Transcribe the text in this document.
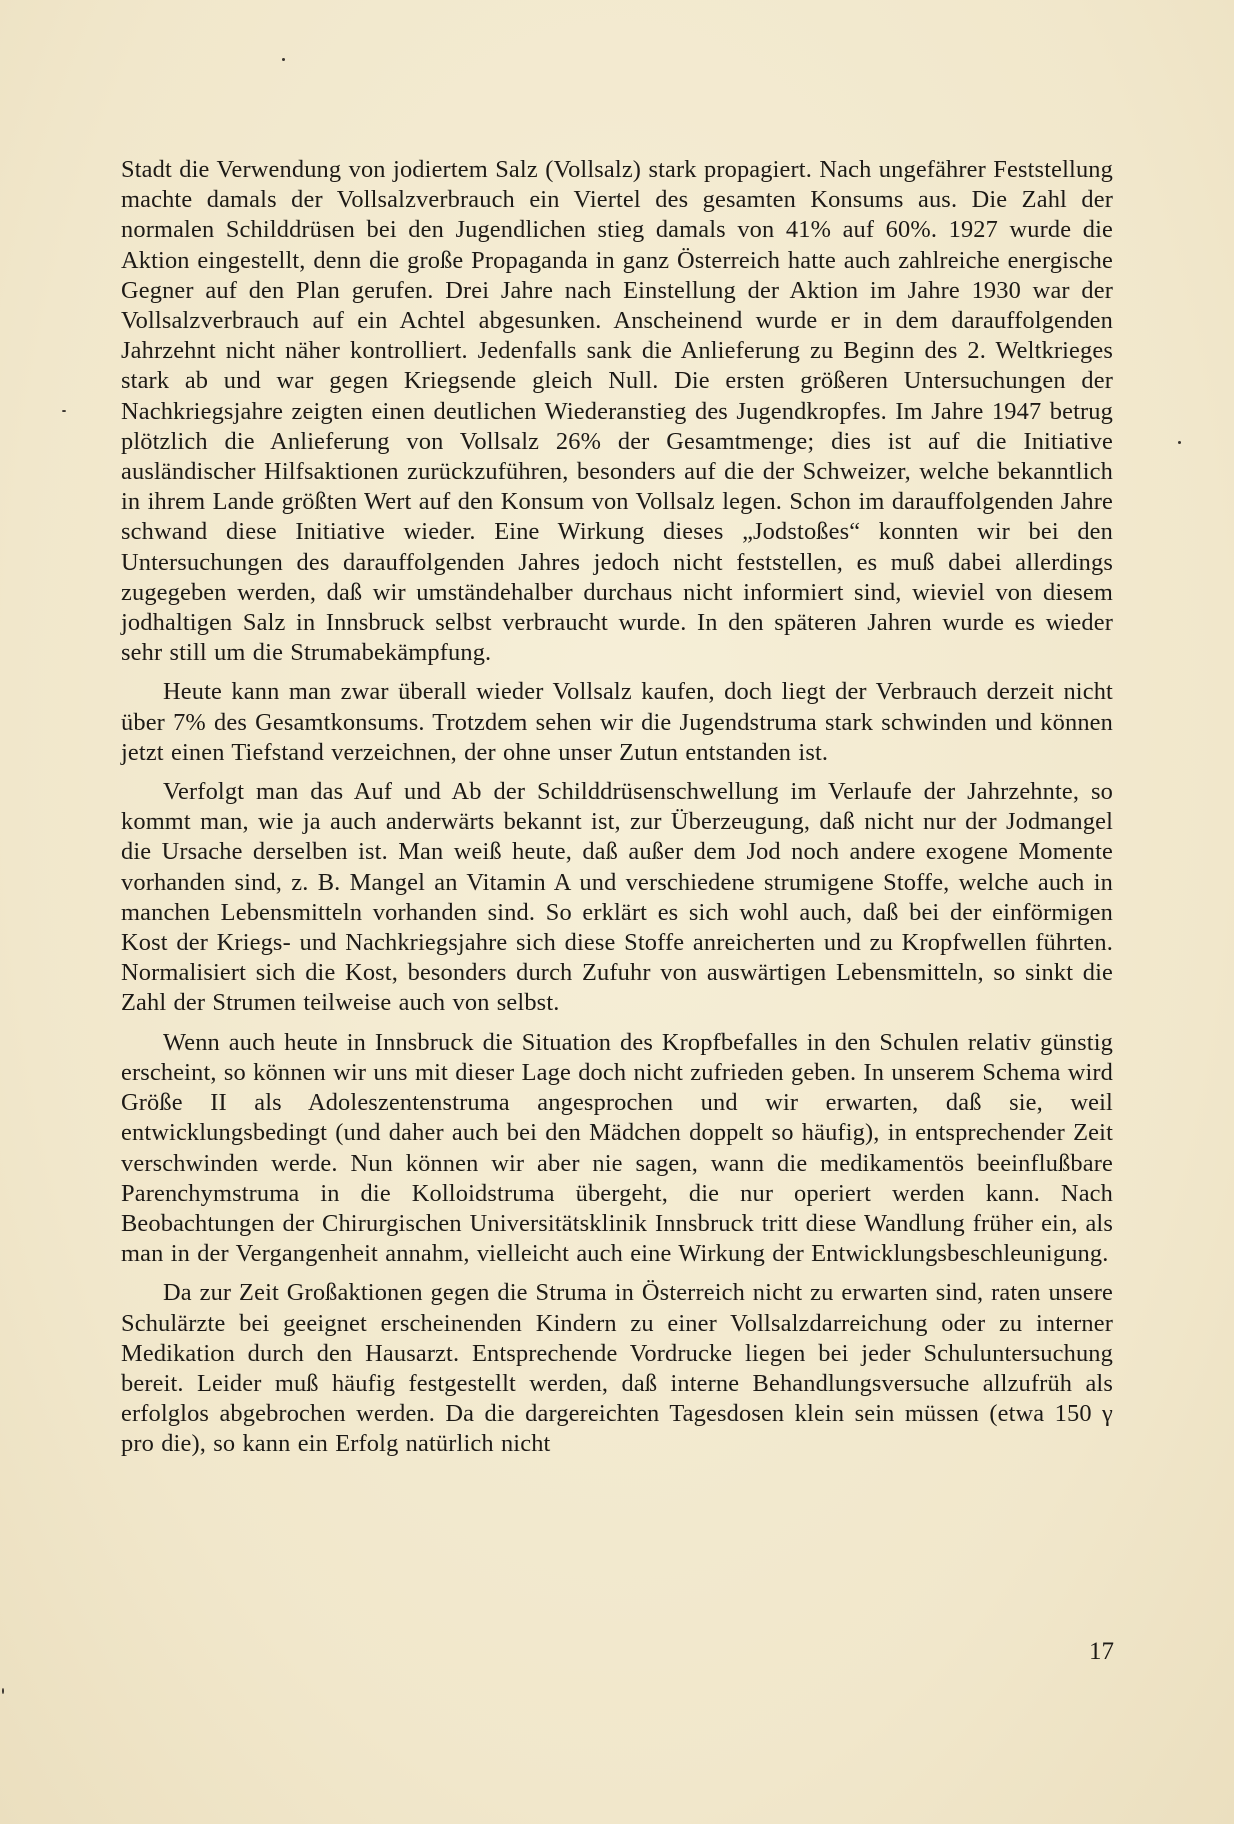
Stadt die Verwendung von jodiertem Salz (Vollsalz) stark propagiert. Nach ungefährer Feststellung machte damals der Vollsalzverbrauch ein Viertel des gesamten Konsums aus. Die Zahl der normalen Schilddrüsen bei den Jugendlichen stieg damals von 41% auf 60%. 1927 wurde die Aktion eingestellt, denn die große Propaganda in ganz Österreich hatte auch zahlreiche energische Gegner auf den Plan gerufen. Drei Jahre nach Einstellung der Aktion im Jahre 1930 war der Vollsalzverbrauch auf ein Achtel abgesunken. Anscheinend wurde er in dem darauffolgenden Jahrzehnt nicht näher kontrolliert. Jedenfalls sank die Anlieferung zu Beginn des 2. Weltkrieges stark ab und war gegen Kriegsende gleich Null. Die ersten größeren Untersuchungen der Nachkriegsjahre zeigten einen deutlichen Wiederanstieg des Jugendkropfes. Im Jahre 1947 betrug plötzlich die Anlieferung von Vollsalz 26% der Gesamtmenge; dies ist auf die Initiative ausländischer Hilfsaktionen zurückzuführen, besonders auf die der Schweizer, welche bekanntlich in ihrem Lande größten Wert auf den Konsum von Vollsalz legen. Schon im darauffolgenden Jahre schwand diese Initiative wieder. Eine Wirkung dieses „Jodstoßes“ konnten wir bei den Untersuchungen des darauffolgenden Jahres jedoch nicht feststellen, es muß dabei allerdings zugegeben werden, daß wir umständehalber durchaus nicht informiert sind, wieviel von diesem jodhaltigen Salz in Innsbruck selbst verbraucht wurde. In den späteren Jahren wurde es wieder sehr still um die Strumabekämpfung.

Heute kann man zwar überall wieder Vollsalz kaufen, doch liegt der Verbrauch derzeit nicht über 7% des Gesamtkonsums. Trotzdem sehen wir die Jugendstruma stark schwinden und können jetzt einen Tiefstand verzeichnen, der ohne unser Zutun entstanden ist.

Verfolgt man das Auf und Ab der Schilddrüsenschwellung im Verlaufe der Jahrzehnte, so kommt man, wie ja auch anderwärts bekannt ist, zur Überzeugung, daß nicht nur der Jodmangel die Ursache derselben ist. Man weiß heute, daß außer dem Jod noch andere exogene Momente vorhanden sind, z. B. Mangel an Vitamin A und verschiedene strumigene Stoffe, welche auch in manchen Lebensmitteln vorhanden sind. So erklärt es sich wohl auch, daß bei der einförmigen Kost der Kriegs- und Nachkriegsjahre sich diese Stoffe anreicherten und zu Kropfwellen führten. Normalisiert sich die Kost, besonders durch Zufuhr von auswärtigen Lebensmitteln, so sinkt die Zahl der Strumen teilweise auch von selbst.

Wenn auch heute in Innsbruck die Situation des Kropfbefalles in den Schulen relativ günstig erscheint, so können wir uns mit dieser Lage doch nicht zufrieden geben. In unserem Schema wird Größe II als Adoleszentenstruma angesprochen und wir erwarten, daß sie, weil entwicklungsbedingt (und daher auch bei den Mädchen doppelt so häufig), in entsprechender Zeit verschwinden werde. Nun können wir aber nie sagen, wann die medikamentös beeinflußbare Parenchymstruma in die Kolloidstruma übergeht, die nur operiert werden kann. Nach Beobachtungen der Chirurgischen Universitätsklinik Innsbruck tritt diese Wandlung früher ein, als man in der Vergangenheit annahm, vielleicht auch eine Wirkung der Entwicklungsbeschleunigung.

Da zur Zeit Großaktionen gegen die Struma in Österreich nicht zu erwarten sind, raten unsere Schulärzte bei geeignet erscheinenden Kindern zu einer Vollsalzdarreichung oder zu interner Medikation durch den Hausarzt. Entsprechende Vordrucke liegen bei jeder Schuluntersuchung bereit. Leider muß häufig festgestellt werden, daß interne Behandlungsversuche allzufrüh als erfolglos abgebrochen werden. Da die dargereichten Tagesdosen klein sein müssen (etwa 150 γ pro die), so kann ein Erfolg natürlich nicht

17
